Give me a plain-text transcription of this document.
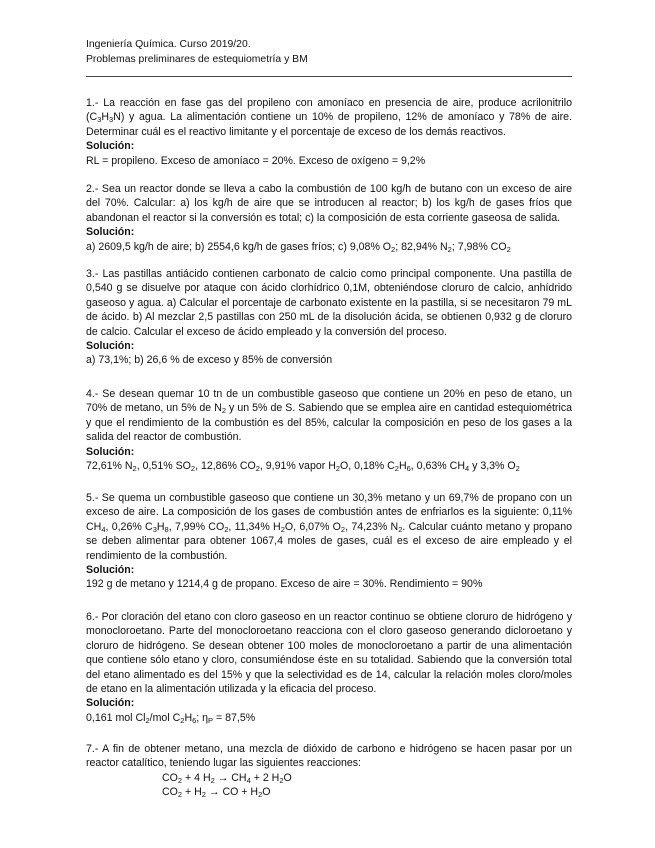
Ingeniería Química. Curso 2019/20.
Problemas preliminares de estequiometría y BM
1.- La reacción en fase gas del propileno con amoníaco en presencia de aire, produce acrilonitrilo $(C_3H_3N)$ y agua. La alimentación contiene un 10% de propileno, 12% de amoníaco y 78% de aire. Determinar cuál es el reactivo limitante y el porcentaje de exceso de los demás reactivos.
Solución:
RL = propileno. Exceso de amoníaco = 20%. Exceso de oxígeno = 9,2%
2.- Sea un reactor donde se lleva a cabo la combustión de 100 kg/h de butano con un exceso de aire del 70%. Calcular: a) los kg/h de aire que se introducen al reactor; b) los kg/h de gases fríos que abandonan el reactor si la conversión es total; c) la composición de esta corriente gaseosa de salida.
Solución:
a) 2609,5 kg/h de aire; b) 2554,6 kg/h de gases fríos; c) 9,08% $O_2$; 82,94% $N_2$; 7,98% $CO_2$
3.- Las pastillas antiácido contienen carbonato de calcio como principal componente. Una pastilla de 0,540 g se disuelve por ataque con ácido clorhídrico 0,1M, obteniéndose cloruro de calcio, anhídrido gaseoso y agua. a) Calcular el porcentaje de carbonato existente en la pastilla, si se necesitaron 79 mL de ácido. b) Al mezclar 2,5 pastillas con 250 mL de la disolución ácida, se obtienen 0,932 g de cloruro de calcio. Calcular el exceso de ácido empleado y la conversión del proceso.
Solución:
a) 73,1%; b) 26,6 % de exceso y 85% de conversión
4.- Se desean quemar 10 tn de un combustible gaseoso que contiene un 20% en peso de etano, un 70% de metano, un 5% de $N_2$ y un 5% de S. Sabiendo que se emplea aire en cantidad estequiométrica y que el rendimiento de la combustión es del 85%, calcular la composición en peso de los gases a la salida del reactor de combustión.
Solución:
72,61% $N_2$, 0,51% $SO_2$, 12,86% $CO_2$, 9,91% vapor $H_2O$, 0,18% $C_2H_6$, 0,63% $CH_4$ y 3,3% $O_2$
5.- Se quema un combustible gaseoso que contiene un 30,3% metano y un 69,7% de propano con un exceso de aire. La composición de los gases de combustión antes de enfriarlos es la siguiente: 0,11% $CH_4$, 0,26% $C_3H_8$, 7,99% $CO_2$, 11,34% $H_2O$, 6,07% $O_2$, 74,23% $N_2$. Calcular cuánto metano y propano se deben alimentar para obtener 1067,4 moles de gases, cuál es el exceso de aire empleado y el rendimiento de la combustión.
Solución:
192 g de metano y 1214,4 g de propano. Exceso de aire = 30%. Rendimiento = 90%
6.- Por cloración del etano con cloro gaseoso en un reactor continuo se obtiene cloruro de hidrógeno y monocloroetano. Parte del monocloroetano reacciona con el cloro gaseoso generando dicloroetano y cloruro de hidrógeno. Se desean obtener 100 moles de monocloroetano a partir de una alimentación que contiene sólo etano y cloro, consumiéndose éste en su totalidad. Sabiendo que la conversión total del etano alimentado es del 15% y que la selectividad es de 14, calcular la relación moles cloro/moles de etano en la alimentación utilizada y la eficacia del proceso.
Solución:
0,161 mol $Cl_2$/mol $C_2H_6$; $\eta_P = 87,5\%$
7.- A fin de obtener metano, una mezcla de dióxido de carbono e hidrógeno se hacen pasar por un reactor catalítico, teniendo lugar las siguientes reacciones:
$CO_2 + 4$ $H_2 \to CH_4 + 2$ $H_2O$
$CO_2 + H_2$ → CO + $H_2O$
